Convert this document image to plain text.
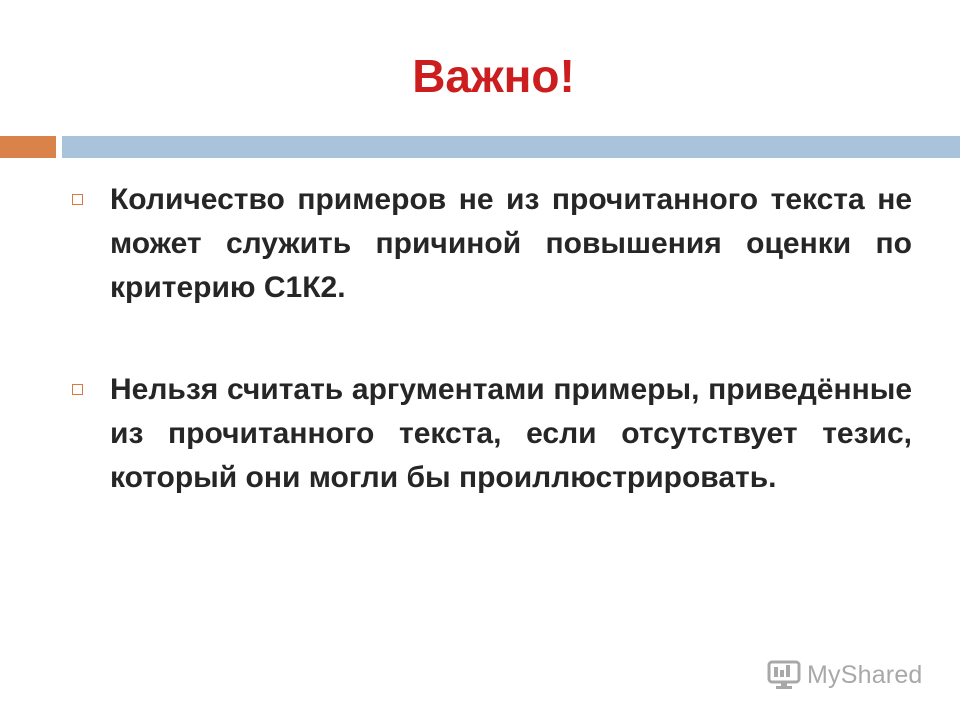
Важно!
Количество примеров не из прочитанного текста не может служить причиной повышения оценки по критерию С1К2.
Нельзя считать аргументами примеры, приведённые из прочитанного текста, если отсутствует тезис, который они могли бы проиллюстрировать.
MyShared
